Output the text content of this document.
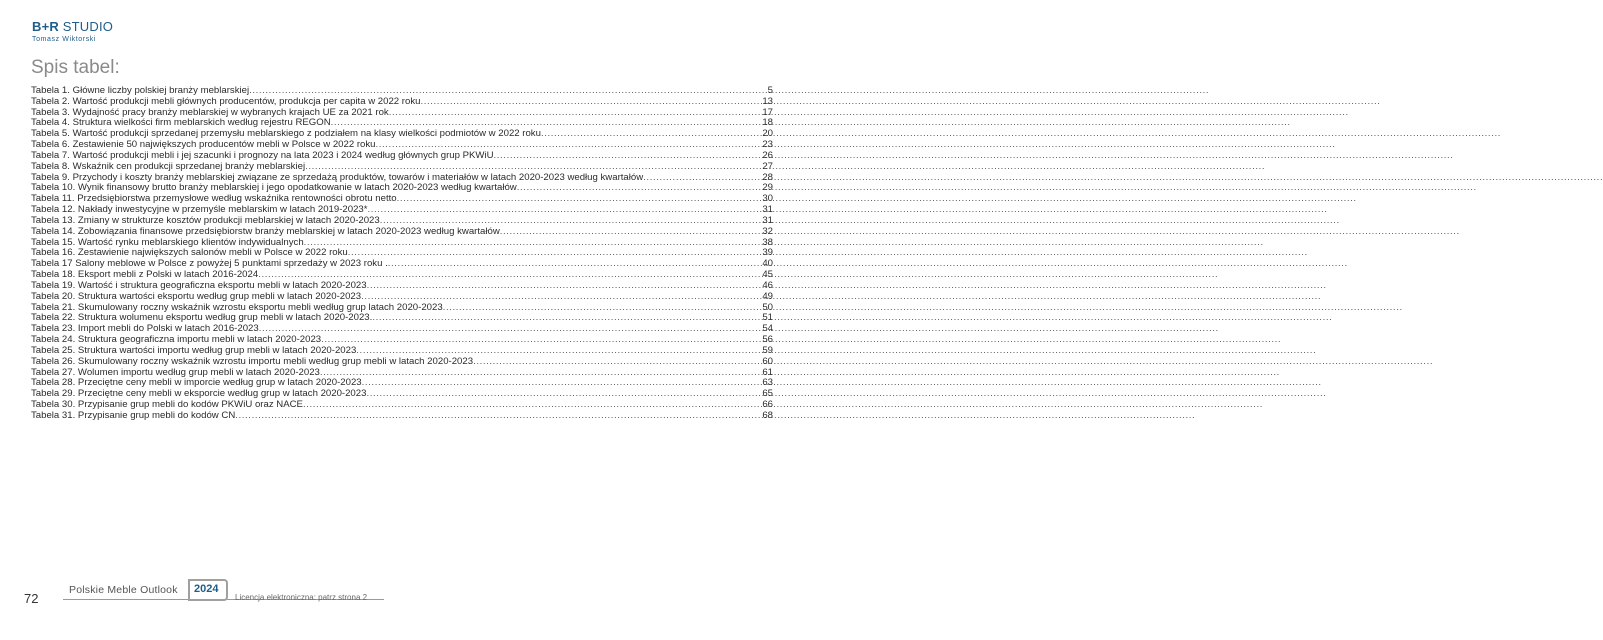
B+R STUDIO
Tomasz Wiktorski
Spis tabel:
Tabela 1. Główne liczby polskiej branży meblarskiej .....	5
Tabela 2. Wartość produkcji mebli głównych producentów, produkcja per capita w 2022 roku .....	13
Tabela 3. Wydajność pracy branży meblarskiej w wybranych krajach UE za 2021 rok .....	17
Tabela 4. Struktura wielkości firm meblarskich według rejestru REGON .....	18
Tabela 5. Wartość produkcji sprzedanej przemysłu meblarskiego z podziałem na klasy wielkości podmiotów w 2022 roku .....	20
Tabela 6. Zestawienie 50 największych producentów mebli w Polsce w 2022 roku .....	23
Tabela 7. Wartość produkcji mebli i jej szacunki i prognozy na lata 2023 i 2024 według głównych grup PKWiU .....	26
Tabela 8. Wskaźnik cen produkcji sprzedanej branży meblarskiej .....	27
Tabela 9. Przychody i koszty branży meblarskiej związane ze sprzedażą produktów, towarów i materiałów w latach 2020-2023 według kwartałów .....	28
Tabela 10. Wynik finansowy brutto branży meblarskiej i jego opodatkowanie w latach 2020-2023 według kwartałów .....	29
Tabela 11. Przedsiębiorstwa przemysłowe według wskaźnika rentowności obrotu netto .....	30
Tabela 12. Nakłady inwestycyjne w przemyśle meblarskim w latach 2019-2023* .....	31
Tabela 13. Zmiany w strukturze kosztów produkcji meblarskiej w latach 2020-2023 .....	31
Tabela 14. Zobowiązania finansowe przedsiębiorstw branży meblarskiej w latach 2020-2023 według kwartałów .....	32
Tabela 15. Wartość rynku meblarskiego klientów indywidualnych .....	38
Tabela 16. Zestawienie największych salonów mebli w Polsce w 2022 roku .....	39
Tabela 17 Salony meblowe w Polsce z powyżej 5 punktami sprzedaży w 2023 roku . .....	40
Tabela 18. Eksport mebli z Polski w latach 2016-2024 .....	45
Tabela 19. Wartość i struktura geograficzna eksportu mebli w latach 2020-2023 .....	46
Tabela 20. Struktura wartości eksportu według grup mebli w latach 2020-2023 .....	49
Tabela 21. Skumulowany roczny wskaźnik wzrostu eksportu mebli według grup latach 2020-2023 .....	50
Tabela 22. Struktura wolumenu eksportu według grup mebli w latach 2020-2023. .....	51
Tabela 23. Import mebli do Polski w latach 2016-2023 .....	54
Tabela 24. Struktura geograficzna importu mebli w latach 2020-2023 .....	56
Tabela 25. Struktura wartości importu według grup mebli w latach 2020-2023 .....	59
Tabela 26. Skumulowany roczny wskaźnik wzrostu importu mebli według grup mebli w latach 2020-2023 .....	60
Tabela 27. Wolumen importu według grup mebli w latach 2020-2023 .....	61
Tabela 28. Przeciętne ceny mebli w imporcie według grup w latach 2020-2023 .....	63
Tabela 29. Przeciętne ceny mebli w eksporcie według grup w latach 2020-2023 .....	65
Tabela 30. Przypisanie grup mebli do kodów PKWiU oraz NACE .....	66
Tabela 31. Przypisanie grup mebli do kodów CN .....	68
72
Polskie Meble Outlook 2024
Licencja elektroniczna: patrz strona 2
